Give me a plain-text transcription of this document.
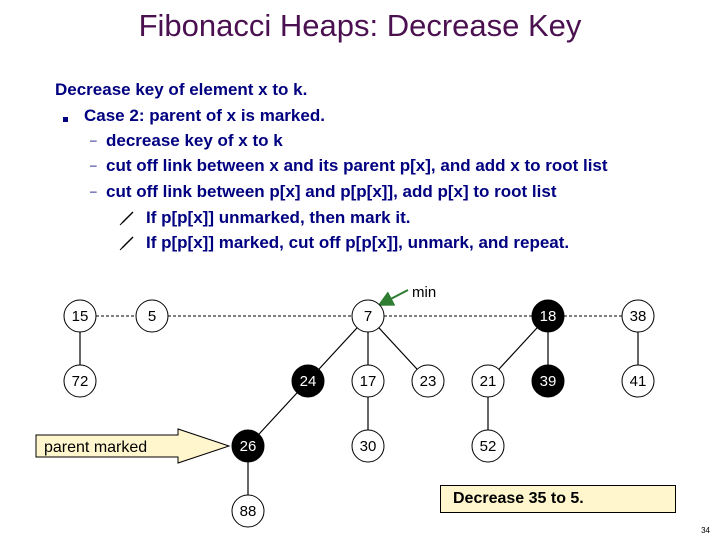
Fibonacci Heaps: Decrease Key
Decrease key of element x to k.
Case 2: parent of x is marked.
– decrease key of x to k
– cut off link between x and its parent p[x], and add x to root list
– cut off link between p[x] and p[p[x]], add p[x] to root list
If p[p[x]] unmarked, then mark it.
If p[p[x]] marked, cut off p[p[x]], unmark, and repeat.
min
15	5	7	18	38
72	24	17	23	21	39	41
26	30	52
88
parent marked
Decrease 35 to 5.
34
